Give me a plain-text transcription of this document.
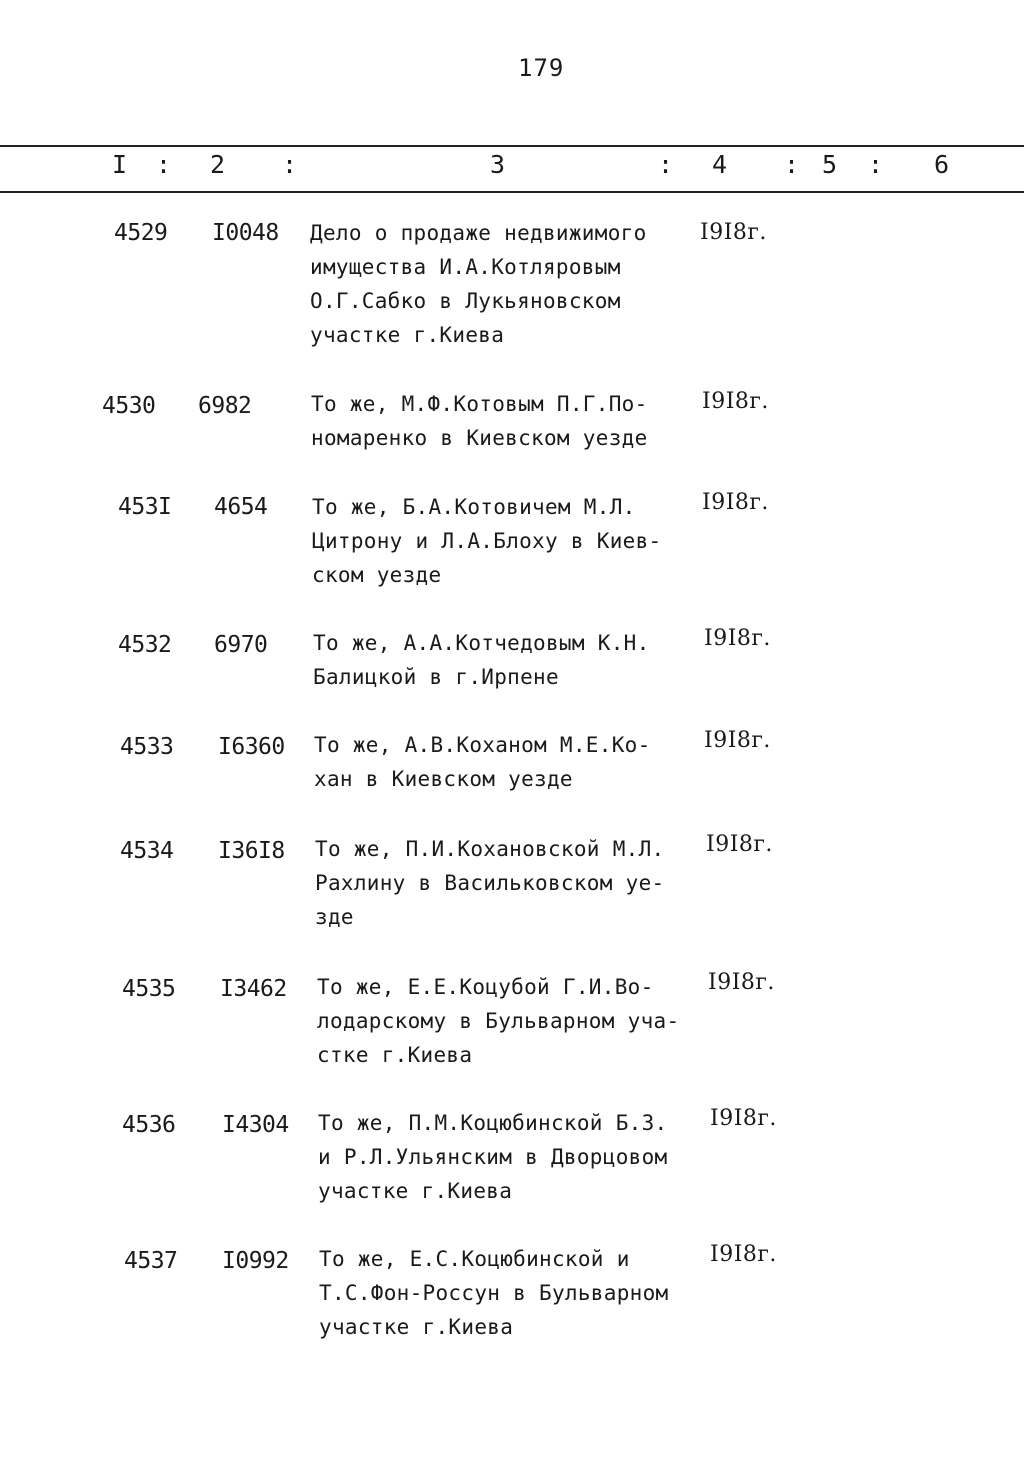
179
I : 2 :	3	: 4 : 5 : 6
4529 I0048 Дело о продаже недвижимого
имущества И.А.Котляровым
О.Г.Сабко в Лукьяновском
участке г.Киева
I9I8г.
4530 6982	То же, М.Ф.Котовым П.Г.По-
номаренко в Киевском уезде
I9I8г.
453I 4654 То же, Б.А.Котовичем М.Л.
Цитрону и Л.А.Блоху в Киев-
ском уезде
I9I8г.
4532 6970 То же, А.А.Котчедовым К.Н.
Балицкой в г.Ирпене
I9I8г.
4533 I6360 То же, А.В.Коханом М.Е.Ко-
хан в Киевском уезде
I9I8г.
4534 I36I8 То же, П.И.Кохановской М.Л.
Рахлину в Васильковском уе-
зде
I9I8г.
4535 I3462 То же, Е.Е.Коцубой Г.И.Во-
лодарскому в Бульварном уча-
стке г.Киева
I9I8г.
4536 I4304 То же, П.М.Коцюбинской Б.З.
и Р.Л.Ульянским в Дворцовом
участке г.Киева
I9I8г.
4537 I0992 То же, Е.С.Коцюбинской и
Т.С.Фон-Россун в Бульварном
участке г.Киева
I9I8г.
